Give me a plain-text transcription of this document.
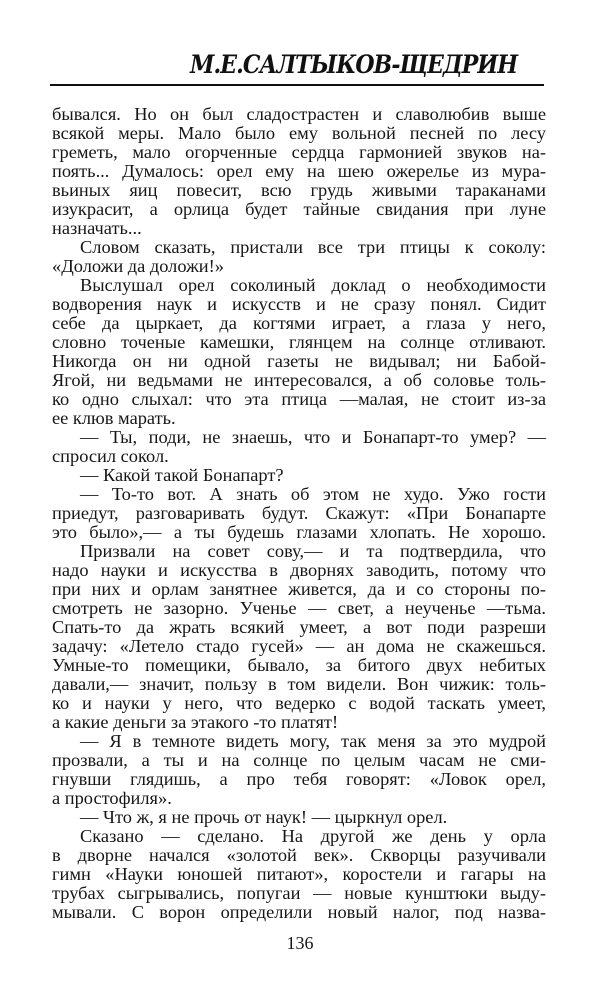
М.Е.САЛТЫКОВ-ЩЕДРИН
бывался. Но он был сладострастен и славолюбив выше
всякой меры. Мало было ему вольной песней по лесу
греметь, мало огорченные сердца гармонией звуков на-
поять... Думалось: орел ему на шею ожерелье из мура-
вьиных яиц повесит, всю грудь живыми тараканами
изукрасит, а орлица будет тайные свидания при луне
назначать...
Словом сказать, пристали все три птицы к соколу:
«Доложи да доложи!»
Выслушал орел соколиный доклад о необходимости
водворения наук и искусств и не сразу понял. Сидит
себе да цыркает, да когтями играет, а глаза у него,
словно точеные камешки, глянцем на солнце отливают.
Никогда он ни одной газеты не видывал; ни Бабой-
Ягой, ни ведьмами не интересовался, а об соловье толь-
ко одно слыхал: что эта птица —малая, не стоит из-за
ее клюв марать.
— Ты, поди, не знаешь, что и Бонапарт-то умер? —
спросил сокол.
— Какой такой Бонапарт?
— То-то вот. А знать об этом не худо. Ужо гости
приедут, разговаривать будут. Скажут: «При Бонапарте
это было»,— а ты будешь глазами хлопать. Не хорошо.
Призвали на совет сову,— и та подтвердила, что
надо науки и искусства в дворнях заводить, потому что
при них и орлам занятнее живется, да и со стороны по-
смотреть не зазорно. Ученье — свет, а неученье —тьма.
Спать-то да жрать всякий умеет, а вот поди разреши
задачу: «Летело стадо гусей» — ан дома не скажешься.
Умные-то помещики, бывало, за битого двух небитых
давали,— значит, пользу в том видели. Вон чижик: толь-
ко и науки у него, что ведерко с водой таскать умеет,
а какие деньги за этакого -то платят!
— Я в темноте видеть могу, так меня за это мудрой
прозвали, а ты и на солнце по целым часам не сми-
гнувши глядишь, а про тебя говорят: «Ловок орел,
а простофиля».
— Что ж, я не прочь от наук! — цыркнул орел.
Сказано — сделано. На другой же день у орла
в дворне начался «золотой век». Скворцы разучивали
гимн «Науки юношей питают», коростели и гагары на
трубах сыгрывались, попугаи — новые кунштюки выду-
мывали. С ворон определили новый налог, под назва-
136
